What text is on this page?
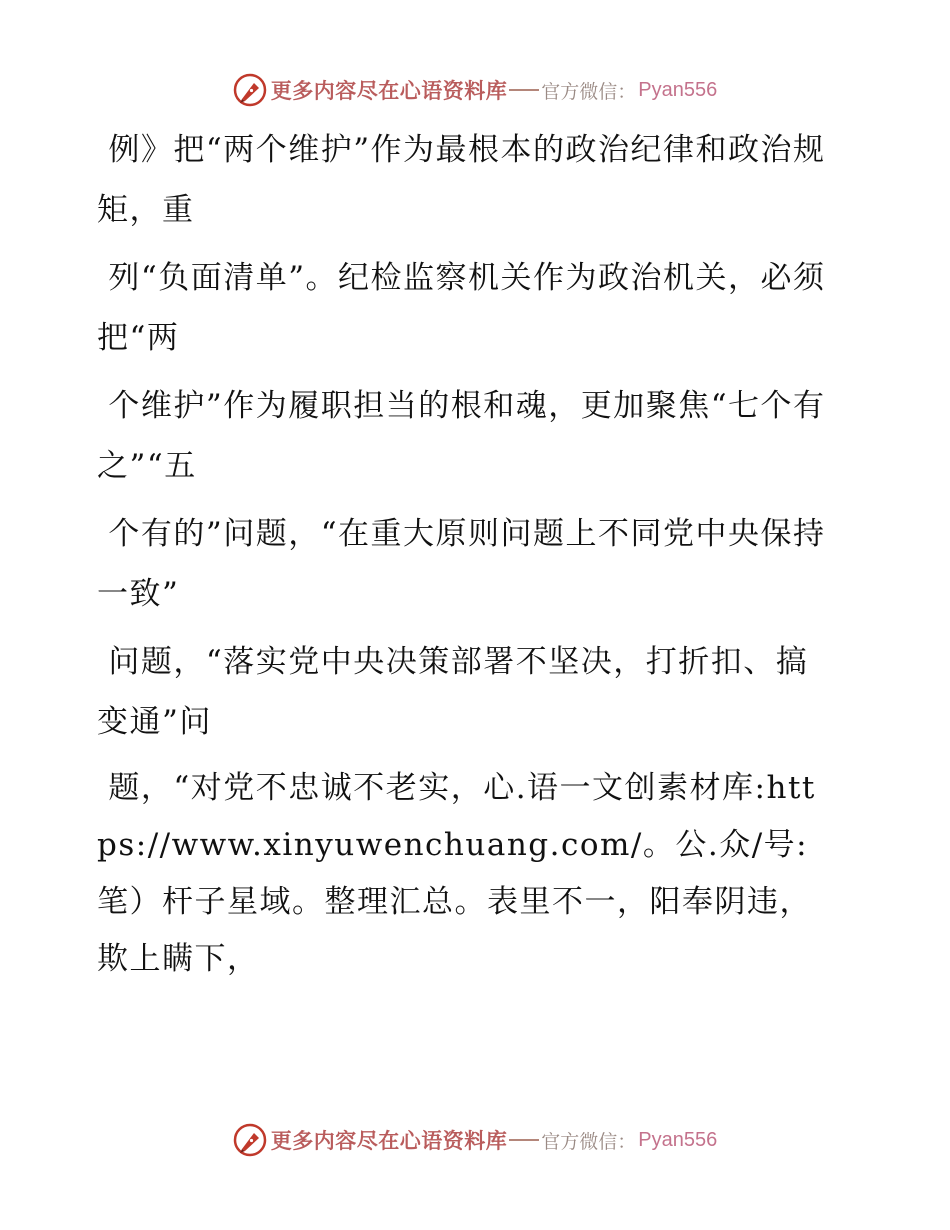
更多内容尽在心语资料库 官方微信： Pyan556

例》把“两个维护”作为最根本的政治纪律和政治规矩，重

列“负面清单”。纪检监察机关作为政治机关，必须把“两

个维护”作为履职担当的根和魂，更加聚焦“七个有之”“五

个有的”问题，“在重大原则问题上不同党中央保持一致”

问题，“落实党中央决策部署不坚决，打折扣、搞变通”问

题，“对党不忠诚不老实，心.语一文创素材库:https://www.xinyuwenchuang.com/。公.众/号:笔）杆子星域。整理汇总。表里不一，阳奉阴违，欺上瞒下，

更多内容尽在心语资料库 官方微信： Pyan556
